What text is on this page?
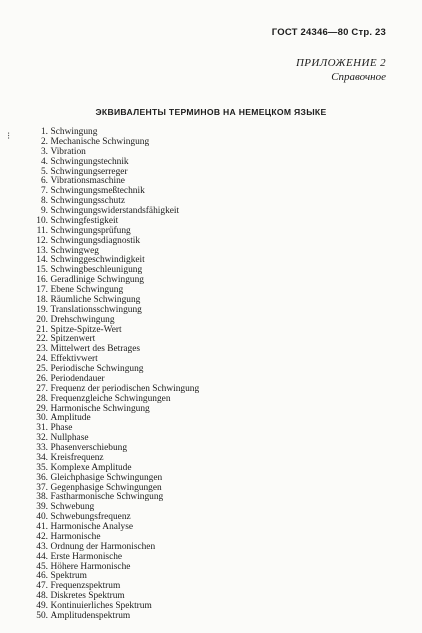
ГОСТ 24346—80 Стр. 23
ПРИЛОЖЕНИЕ 2
Справочное
ЭКВИВАЛЕНТЫ ТЕРМИНОВ НА НЕМЕЦКОМ ЯЗЫКЕ
⁝	1. Schwingung
2. Mechanische Schwingung
3. Vibration
4. Schwingungstechnik
5. Schwingungserreger
6. Vibrationsmaschine
7. Schwingungsmeßtechnik
8. Schwingungsschutz
9. Schwingungswiderstandsfähigkeit
10. Schwingfestigkeit
11. Schwingungsprüfung
12. Schwingungsdiagnostik
13. Schwingweg
14. Schwinggeschwindigkeit
15. Schwingbeschleunigung
16. Geradlinige Schwingung
17. Ebene Schwingung
18. Räumliche Schwingung
19. Translationsschwingung
20. Drehschwingung
21. Spitze-Spitze-Wert
22. Spitzenwert
23. Mittelwert des Betrages
24. Effektivwert
25. Periodische Schwingung
26. Periodendauer
27. Frequenz der periodischen Schwingung
28. Frequenzgleiche Schwingungen
29. Harmonische Schwingung
30. Amplitude
31. Phase
32. Nullphase
33. Phasenverschiebung
34. Kreisfrequenz
35. Komplexe Amplitude
36. Gleichphasige Schwingungen
37. Gegenphasige Schwingungen
38. Fastharmonische Schwingung
39. Schwebung
40. Schwebungsfrequenz
41. Harmonische Analyse
42. Harmonische
43. Ordnung der Harmonischen
44. Erste Harmonische
45. Höhere Harmonische
46. Spektrum
47. Frequenzspektrum
48. Diskretes Spektrum
49. Kontinuierliches Spektrum
50. Amplitudenspektrum
